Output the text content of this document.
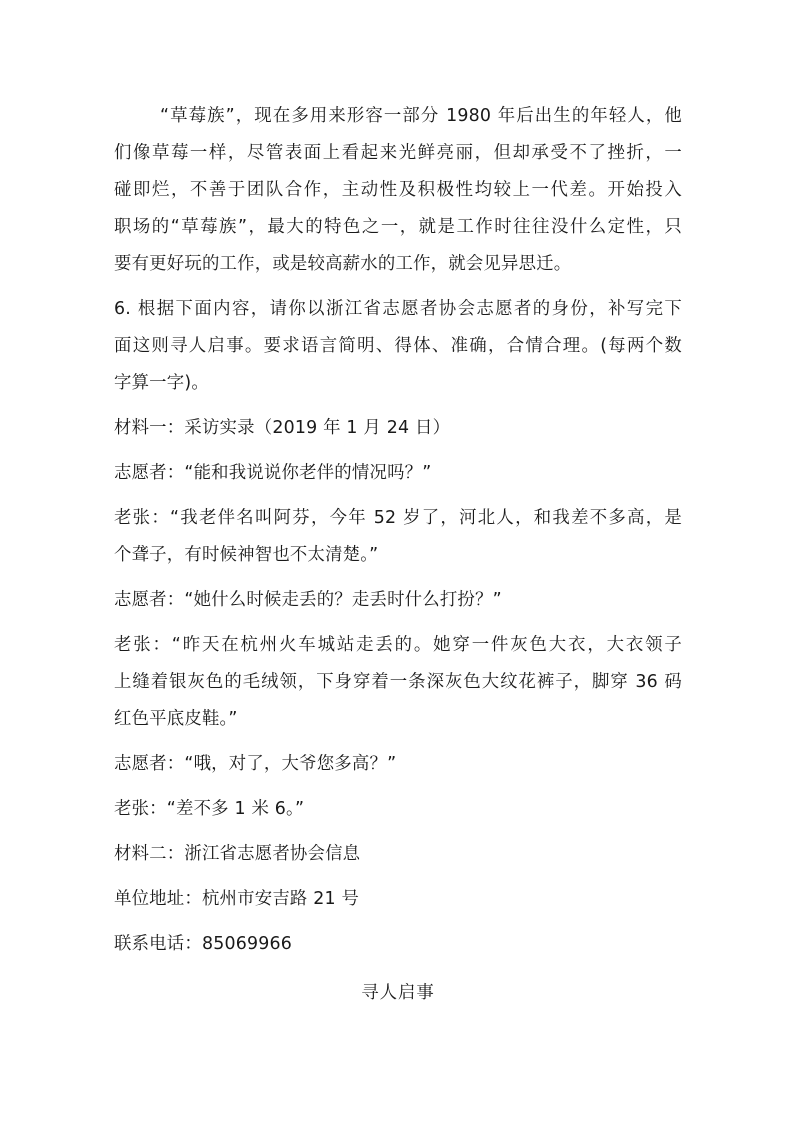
“草莓族”，现在多用来形容一部分 1980 年后出生的年轻人，他
们像草莓一样，尽管表面上看起来光鲜亮丽，但却承受不了挫折，一
碰即烂，不善于团队合作，主动性及积极性均较上一代差。开始投入
职场的“草莓族”，最大的特色之一，就是工作时往往没什么定性，只
要有更好玩的工作，或是较高薪水的工作，就会见异思迁。
6. 根据下面内容，请你以浙江省志愿者协会志愿者的身份，补写完下
面这则寻人启事。要求语言简明、得体、准确，合情合理。(每两个数
字算一字)。
材料一：采访实录（2019 年 1 月 24 日）
志愿者：“能和我说说你老伴的情况吗？”
老张：“我老伴名叫阿芬，今年 52 岁了，河北人，和我差不多高，是
个聋子，有时候神智也不太清楚。”
志愿者：“她什么时候走丢的？走丢时什么打扮？”
老张：“昨天在杭州火车城站走丢的。她穿一件灰色大衣，大衣领子
上缝着银灰色的毛绒领，下身穿着一条深灰色大纹花裤子，脚穿 36 码
红色平底皮鞋。”
志愿者：“哦，对了，大爷您多高？”
老张：“差不多 1 米 6。”
材料二：浙江省志愿者协会信息
单位地址：杭州市安吉路 21 号
联系电话：85069966
寻人启事
